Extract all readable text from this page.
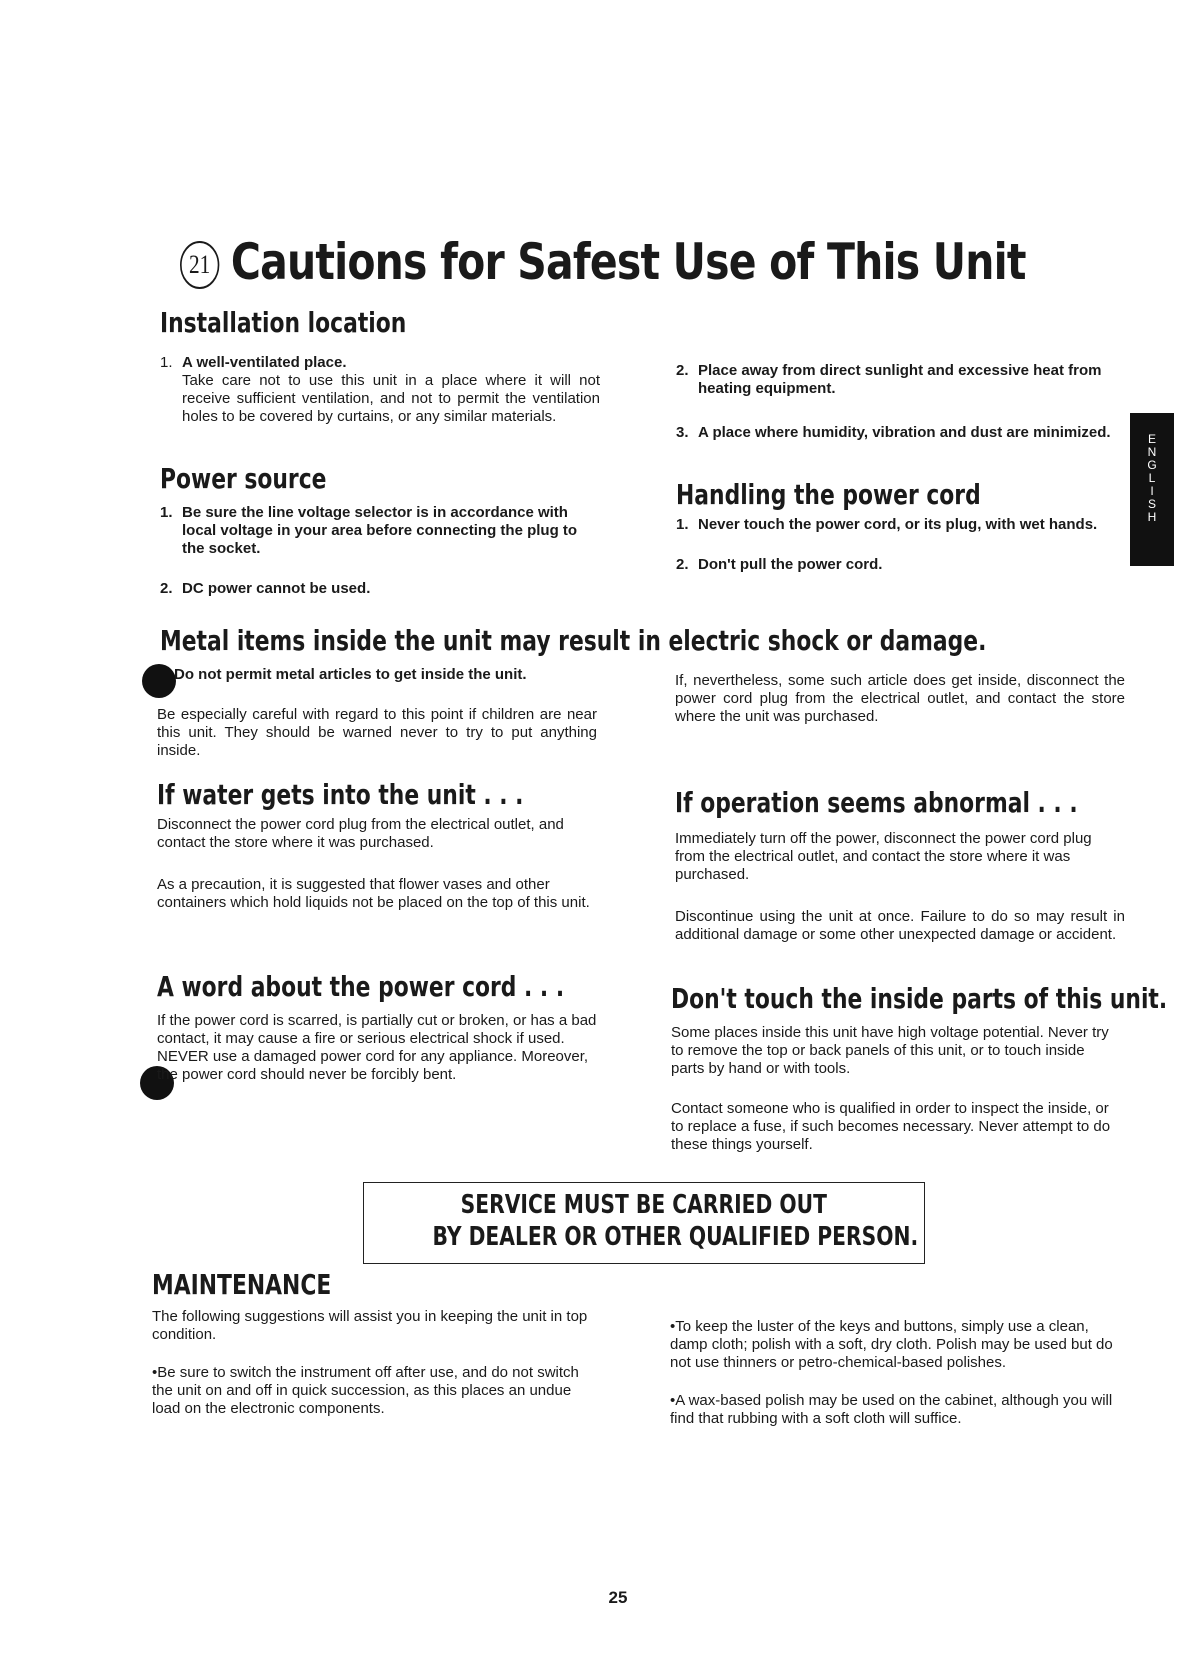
21 Cautions for Safest Use of This Unit
E
N
G
L
I
S
H
Installation location
1. A well-ventilated place.
Take care not to use this unit in a place where it will not receive sufficient ventilation, and not to permit the ventilation holes to be covered by curtains, or any similar materials.
2. Place away from direct sunlight and excessive heat from heating equipment.
3. A place where humidity, vibration and dust are minimized.
Power source
1. Be sure the line voltage selector is in accordance with local voltage in your area before connecting the plug to the socket.
2. DC power cannot be used.
Handling the power cord
1. Never touch the power cord, or its plug, with wet hands.
2. Don't pull the power cord.
Metal items inside the unit may result in electric shock or damage.
Do not permit metal articles to get inside the unit.
Be especially careful with regard to this point if children are near this unit. They should be warned never to try to put anything inside.
If, nevertheless, some such article does get inside, disconnect the power cord plug from the electrical outlet, and contact the store where the unit was purchased.
If water gets into the unit . . .
Disconnect the power cord plug from the electrical outlet, and contact the store where it was purchased.
As a precaution, it is suggested that flower vases and other containers which hold liquids not be placed on the top of this unit.
If operation seems abnormal . . .
Immediately turn off the power, disconnect the power cord plug from the electrical outlet, and contact the store where it was purchased.
Discontinue using the unit at once. Failure to do so may result in additional damage or some other unexpected damage or accident.
A word about the power cord . . .
If the power cord is scarred, is partially cut or broken, or has a bad contact, it may cause a fire or serious electrical shock if used. NEVER use a damaged power cord for any appliance. Moreover, the power cord should never be forcibly bent.
Don't touch the inside parts of this unit.
Some places inside this unit have high voltage potential. Never try to remove the top or back panels of this unit, or to touch inside parts by hand or with tools.
Contact someone who is qualified in order to inspect the inside, or to replace a fuse, if such becomes necessary. Never attempt to do these things yourself.
SERVICE MUST BE CARRIED OUT
BY DEALER OR OTHER QUALIFIED PERSON.
MAINTENANCE
The following suggestions will assist you in keeping the unit in top condition.
•Be sure to switch the instrument off after use, and do not switch the unit on and off in quick succession, as this places an undue load on the electronic components.
•To keep the luster of the keys and buttons, simply use a clean, damp cloth; polish with a soft, dry cloth. Polish may be used but do not use thinners or petro-chemical-based polishes.
•A wax-based polish may be used on the cabinet, although you will find that rubbing with a soft cloth will suffice.
25
